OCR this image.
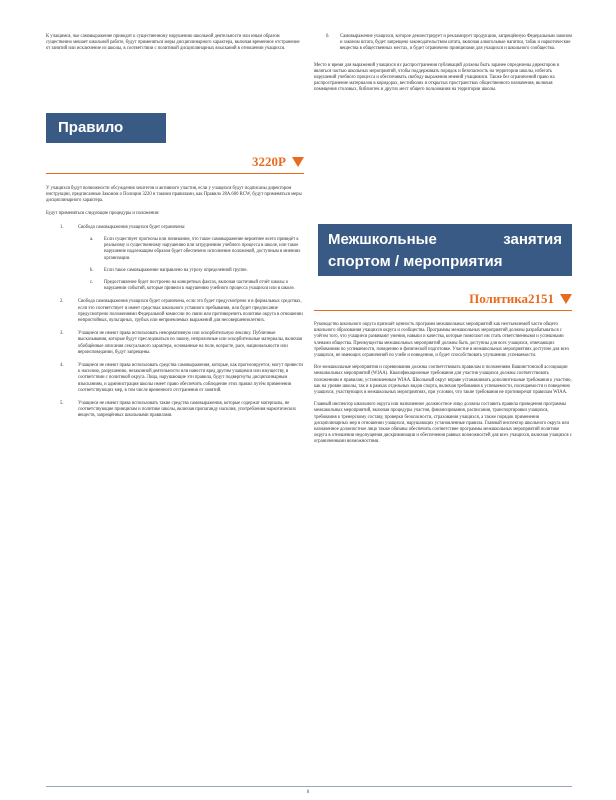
К учащимся, чье самовыражение приводит к существенному нарушению школьной деятельности или иным образом существенно мешает школьной работе, будут применяться меры дисциплинарного характера, включая временное отстранение от занятий или исключение из школы, в соответствии с политикой дисциплинарных взысканий в отношении учащихся.

Правило
3220P

У учащихся будут возможности обсуждения хештегов и активного участия, если у учащихся будут подписаны директором инструкции, предписанные Законом о Полиции 3220 и такими правилами, как Правило 28A.600 RCW, будут применяться меры дисциплинарного характера.

Будут применяться следующие процедуры и положения:

1.	Свобода самовыражения учащихся будет ограничена:
a. Если существует прогнозы или понимание, что такое самовыражение вероятнее всего приведёт к реальному и существенному нарушению или затруднению учебного процесса в школе, или такое нарушение надлежащим образом будет обеспечено исполнение положений, доступным в мнениях организации.
b. Если такое самовыражение направлено на угрозу определенной группе.
c. Предоставление будет построено на конкретных фактах, включая частичный отчёт школы о нарушении событий, которые привели к нарушению учебного процесса учащихся или в школе.
2.	Свобода самовыражения учащихся будет ограничена, если это будет предусмотрено и в формальных средствах, если это соответствует и имеет средствах школьного уставного пребывания, или будет предписание предусмотрено положениями Федеральной комиссии по связи или противоречить политике округа в отношении непристойных, вульгарных, грубых или неприемлемых выражений для несовершеннолетних.
3.	Учащиеся не имеют права использовать ненормативную или оскорбительную лексику. Публичные высказывания, которые будут преследоваться по закону, неприличные или оскорбительные материалы, включая обобщённые описания сексуального характера, основанные на поле, возрасте, расе, национальности или вероисповедании, будут запрещены.
4.	Учащиеся не имеют права использовать средства самовыражения, которые, как прогнозируется, могут привести к насилию, разрушению, незаконной деятельности или нанести вред другим учащимся или имуществу, в соответствии с политикой округа. Лица, нарушающие эти правила, будут подвергнуты дисциплинарным взысканиям, и администрация школы имеет право обеспечить соблюдение этих правил путём применения соответствующих мер, в том числе временного отстранения от занятий.
5.	Учащиеся не имеют права использовать такие средства самовыражения, которые содержат материалы, не соответствующие принципам и политике школы, включая пропаганду насилия, употребления наркотических веществ, запрещённых школьными правилами.
6. Самовыражение учащихся, которое демонстрирует и рекламирует продукцию, запрещённую Федеральным законом и законом штата, будет запрещено законодательством штата, включая алкогольные напитки, табак и наркотические вещества в общественных местах, и будет ограничено принципами для учащихся и школьного сообщества.

Место и время для выражений учащихся их распространения публикаций должны быть заранее определены директором и являться частью школьных мероприятий, чтобы поддерживать порядок и безопасность на территории школы, избегать нарушений учебного процесса и обеспечивать свободу выражения мнений учащимися. Также без ограничений право на распространение материалов в коридорах, вестибюлях и открытых пространствах общественного назначения, включая помещения столовых, библиотек и других мест общего пользования на территории школы.

Межшкольные занятия спортом / мероприятия
Политика2151

Руководство школьного округа признаёт ценность программ межшкольных мероприятий как неотъемлемой части общего школьного образования учащихся округа и сообщества. Программы межшкольных мероприятий должны разрабатываться с учётом того, что учащиеся развивают умения, навыки и качества, которые помогают им стать ответственными и успешными членами общества. Преимущества межшкольных мероприятий должны быть доступны для всех учащихся, отвечающих требованиям по успеваемости, поведению и физической подготовке. Участие в межшкольных мероприятиях доступно для всех учащихся, не имеющих ограничений по учебе и поведению, и будет способствовать улучшению успеваемости.

Все межшкольные мероприятия и соревнования должны соответствовать правилам и положениям Вашингтонской ассоциации межшкольных мероприятий (WIAA). Квалификационные требования для участия учащихся должны соответствовать положениям и правилам, установленным WIAA. Школьный округ вправе устанавливать дополнительные требования к участию, как на уровне школы, так и в рамках отдельных видов спорта, включая требования к успеваемости, посещаемости и поведению учащихся, участвующих в межшкольных мероприятиях, при условии, что такие требования не противоречат правилам WIAA.

Главный инспектор школьного округа или назначенное должностное лицо должны составить правила проведения программы межшкольных мероприятий, включая процедуры участия, финансирования, расписания, транспортировки учащихся, требования к тренерскому составу, проверки безопасности, страхования учащихся, а также порядок применения дисциплинарных мер в отношении учащихся, нарушающих установленные правила. Главный инспектор школьного округа или назначенное должностное лицо также обязаны обеспечить соответствие программы межшкольных мероприятий политике округа в отношении недопущения дискриминации и обеспечения равных возможностей для всех учащихся, включая учащихся с ограниченными возможностями.

8
